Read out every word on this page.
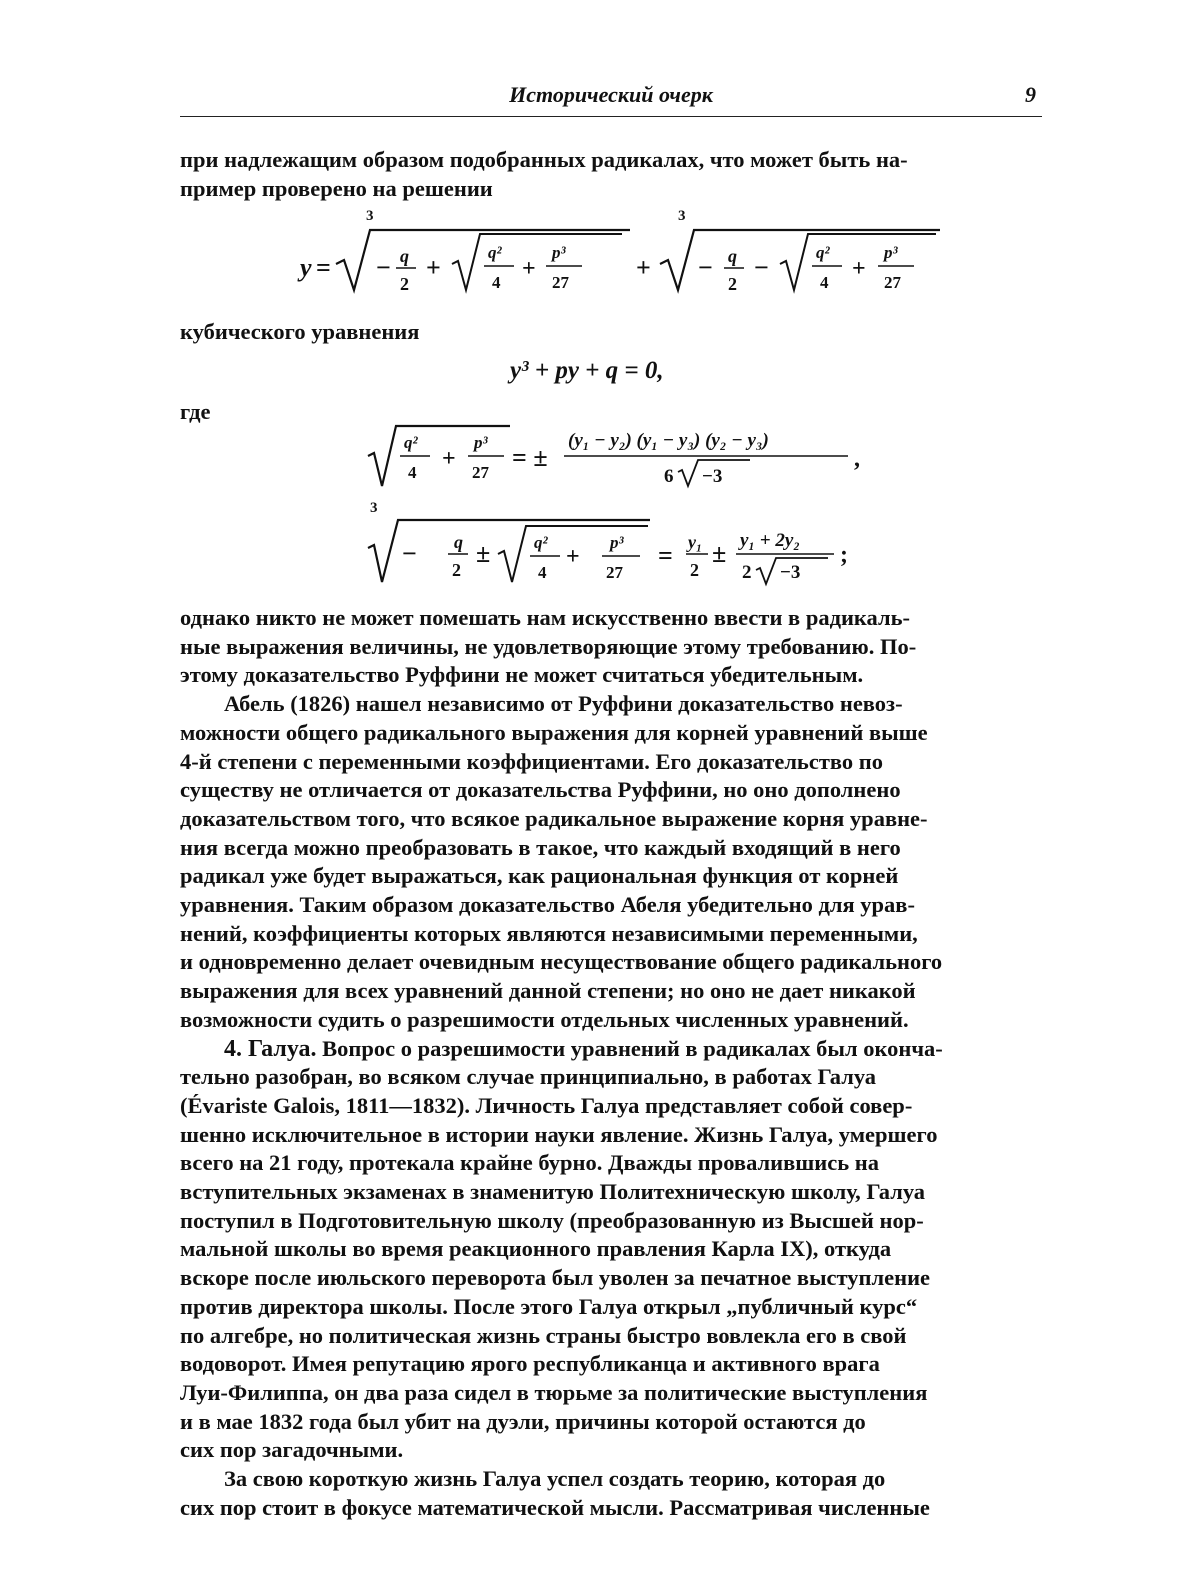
Исторический очерк	9

при надлежащим образом подобранных радикалах, что может быть на-

пример проверено на решении

y =
3
− q
2
+
q²
4
+
p³
27
+
3
− q
2
−
q²
4
+
p³
27

кубического уравнения

y³ + py + q = 0,

где

q²
4
+
p³
27
= ±
(y₁ − y₂) (y₁ − y₃) (y₂ − y₃)
6 −3
,
3
− q
2
±	q²
4
+
p³
27
= y₁
2
± y₁ + 2y₂
2 −3
;

однако никто не может помешать нам искусственно ввести в радикаль-

ные выражения величины, не удовлетворяющие этому требованию. По-

этому доказательство Руффини не может считаться убедительным.

Абель (1826) нашел независимо от Руффини доказательство невоз-

можности общего радикального выражения для корней уравнений выше

4-й степени с переменными коэффициентами. Его доказательство по

существу не отличается от доказательства Руффини, но оно дополнено

доказательством того, что всякое радикальное выражение корня уравне-

ния всегда можно преобразовать в такое, что каждый входящий в него

радикал уже будет выражаться, как рациональная функция от корней

уравнения. Таким образом доказательство Абеля убедительно для урав-

нений, коэффициенты которых являются независимыми переменными,

и одновременно делает очевидным несуществование общего радикального

выражения для всех уравнений данной степени; но оно не дает никакой

возможности судить о разрешимости отдельных численных уравнений.

4. Галуа. Вопрос о разрешимости уравнений в радикалах был оконча-

тельно разобран, во всяком случае принципиально, в работах Галуа

(Évariste Galois, 1811—1832). Личность Галуа представляет собой совер-

шенно исключительное в истории науки явление. Жизнь Галуа, умершего

всего на 21 году, протекала крайне бурно. Дважды провалившись на

вступительных экзаменах в знаменитую Политехническую школу, Галуа

поступил в Подготовительную школу (преобразованную из Высшей нор-

мальной школы во время реакционного правления Карла IX), откуда

вскоре после июльского переворота был уволен за печатное выступление

против директора школы. После этого Галуа открыл „публичный курс“

по алгебре, но политическая жизнь страны быстро вовлекла его в свой

водоворот. Имея репутацию ярого республиканца и активного врага

Луи-Филиппа, он два раза сидел в тюрьме за политические выступления

и в мае 1832 года был убит на дуэли, причины которой остаются до

сих пор загадочными.

За свою короткую жизнь Галуа успел создать теорию, которая до

сих пор стоит в фокусе математической мысли. Рассматривая численные
